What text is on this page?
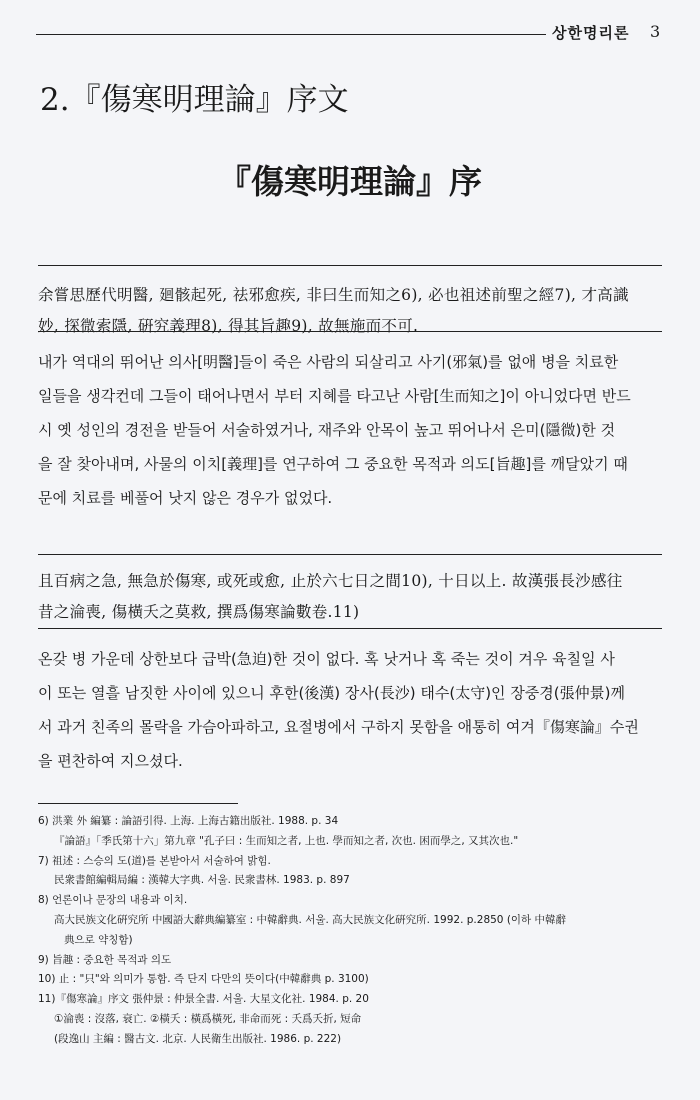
상한명리론 3
2.『傷寒明理論』序文
『傷寒明理論』序
余嘗思歷代明醫, 廻骸起死, 祛邪愈疾, 非曰生而知之6), 必也祖述前聖之經7), 才高識
妙, 探微索隱, 硏究義理8), 得其旨趣9), 故無施而不可.
내가 역대의 뛰어난 의사[明醫]들이 죽은 사람의 되살리고 사기(邪氣)를 없애 병을 치료한
일들을 생각컨데 그들이 태어나면서 부터 지혜를 타고난 사람[生而知之]이 아니었다면 반드
시 옛 성인의 경전을 받들어 서술하였거나, 재주와 안목이 높고 뛰어나서 은미(隱微)한 것
을 잘 찾아내며, 사물의 이치[義理]를 연구하여 그 중요한 목적과 의도[旨趣]를 깨달았기 때
문에 치료를 베풀어 낫지 않은 경우가 없었다.
且百病之急, 無急於傷寒, 或死或愈, 止於六七日之間10), 十日以上. 故漢張長沙感往
昔之淪喪, 傷橫夭之莫救, 撰爲傷寒論數卷.11)
온갖 병 가운데 상한보다 급박(急迫)한 것이 없다. 혹 낫거나 혹 죽는 것이 겨우 육칠일 사
이 또는 열흘 남짓한 사이에 있으니 후한(後漢) 장사(長沙) 태수(太守)인 장중경(張仲景)께
서 과거 친족의 몰락을 가슴아파하고, 요절병에서 구하지 못함을 애통히 여겨『傷寒論』수권
을 편찬하여 지으셨다.
6) 洪業 外 編纂 : 論語引得. 上海. 上海古籍出版社. 1988. p. 34
『論語』「季氏第十六」第九章 "孔子曰 : 生而知之者, 上也. 學而知之者, 次也. 困而學之, 又其次也."
7) 祖述 : 스승의 도(道)를 본받아서 서술하여 밝힘.
民衆書館編輯局編 : 漢韓大字典. 서울. 民衆書林. 1983. p. 897
8) 언론이나 문장의 내용과 이치.
高大民族文化硏究所 中國語大辭典編纂室 : 中韓辭典. 서울. 高大民族文化硏究所. 1992. p.2850 (이하 中韓辭
典으로 약칭함)
9) 旨趣 : 중요한 목적과 의도
10) 止 : "只"와 의미가 통함. 즉 단지 다만의 뜻이다(中韓辭典 p. 3100)
11)『傷寒論』序文 張仲景 : 仲景全書. 서울. 大星文化社. 1984. p. 20
①淪喪 : 沒落, 衰亡. ②橫夭 : 橫爲橫死, 非命而死 : 夭爲夭折, 短命
(段逸山 主編 : 醫古文. 北京. 人民衛生出版社. 1986. p. 222)
